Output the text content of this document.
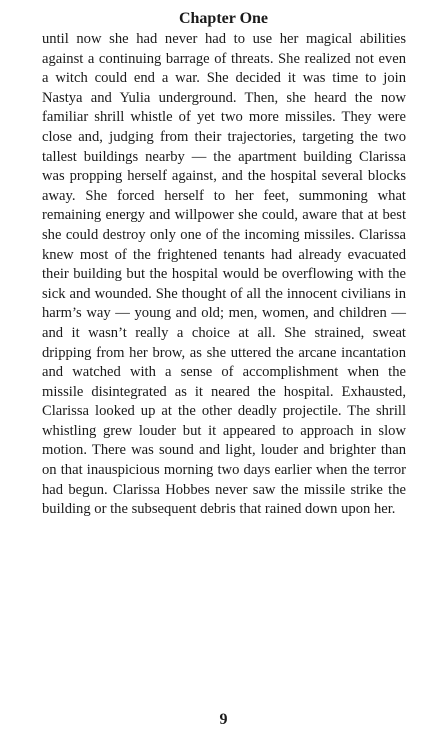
Chapter One

until now she had never had to use her magical abilities against a continuing barrage of threats. She realized not even a witch could end a war. She decided it was time to join Nastya and Yulia underground. Then, she heard the now familiar shrill whistle of yet two more missiles. They were close and, judging from their trajectories, targeting the two tallest buildings nearby — the apartment building Clarissa was propping herself against, and the hospital several blocks away. She forced herself to her feet, summoning what remaining energy and willpower she could, aware that at best she could destroy only one of the incoming missiles. Clarissa knew most of the frightened tenants had already evacuated their building but the hospital would be overflowing with the sick and wounded. She thought of all the innocent civilians in harm’s way — young and old; men, women, and children — and it wasn’t really a choice at all. She strained, sweat dripping from her brow, as she uttered the arcane incantation and watched with a sense of accomplishment when the missile disintegrated as it neared the hospital. Exhausted, Clarissa looked up at the other deadly projectile. The shrill whistling grew louder but it appeared to approach in slow motion. There was sound and light, louder and brighter than on that inauspicious morning two days earlier when the terror had begun. Clarissa Hobbes never saw the missile strike the building or the subsequent debris that rained down upon her.

9
